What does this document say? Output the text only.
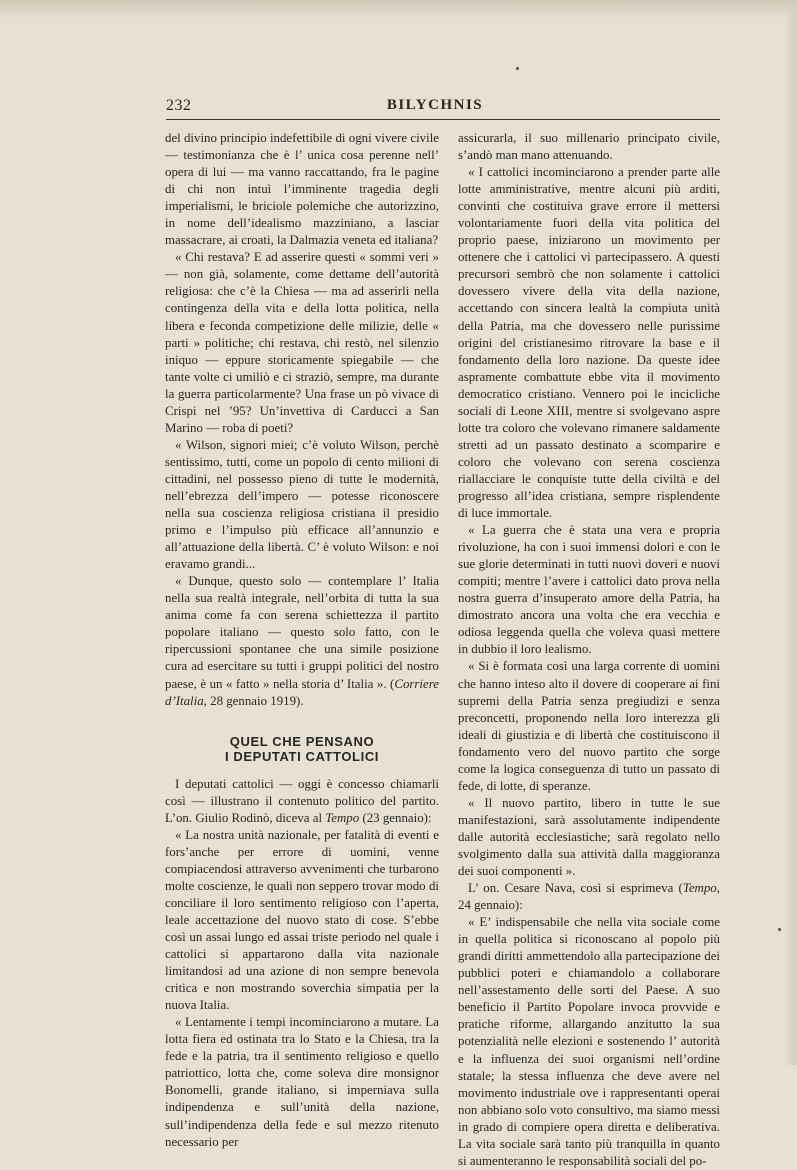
232	BILYCHNIS

del divino principio indefettibile di ogni vivere civile — testimonianza che è l’ unica cosa perenne nell’ opera di lui — ma vanno raccattando, fra le pagine di chi non intuì l’imminente tragedia degli imperialismi, le briciole polemiche che autorizzino, in nome dell’idealismo mazziniano, a lasciar massacrare, ai croati, la Dalmazia veneta ed italiana?

« Chi restava? E ad asserire questi « sommi veri » — non già, solamente, come dettame dell’autorità religiosa: che c’è la Chiesa — ma ad asserirli nella contingenza della vita e della lotta politica, nella libera e feconda competizione delle milizie, delle « parti » politiche; chi restava, chi restò, nel silenzio iniquo — eppure storicamente spiegabile — che tante volte ci umiliò e ci straziò, sempre, ma durante la guerra particolarmente? Una frase un pò vivace di Crispi nel ’95? Un’invettiva di Carducci a San Marino — roba di poeti?

« Wilson, signori miei; c’è voluto Wilson, perchè sentissimo, tutti, come un popolo di cento milioni di cittadini, nel possesso pieno di tutte le modernità, nell’ebrezza dell’impero — potesse riconoscere nella sua coscienza religiosa cristiana il presidio primo e l’impulso più efficace all’annunzio e all’attuazione della libertà. C’ è voluto Wilson: e noi eravamo grandi...

« Dunque, questo solo — contemplare l’ Italia nella sua realtà integrale, nell’orbita di tutta la sua anima come fa con serena schiettezza il partito popolare italiano — questo solo fatto, con le ripercussioni spontanee che una simile posizione cura ad esercitare su tutti i gruppi politici del nostro paese, è un « fatto » nella storia d’ Italia ». (Corriere d’Italia, 28 gennaio 1919).

QUEL CHE PENSANO
I DEPUTATI CATTOLICI

I deputati cattolici — oggi è concesso chiamarli così — illustrano il contenuto politico del partito. L’on. Giulio Rodinò, diceva al Tempo (23 gennaio):

« La nostra unità nazionale, per fatalità di eventi e fors’anche per errore di uomini, venne compiacendosi attraverso avvenimenti che turbarono molte coscienze, le quali non seppero trovar modo di conciliare il loro sentimento religioso con l’aperta, leale accettazione del nuovo stato di cose. S’ebbe così un assai lungo ed assai triste periodo nel quale i cattolici si appartarono dalla vita nazionale limitandosi ad una azione di non sempre benevola critica e non mostrando soverchia simpatia per la nuova Italia.

« Lentamente i tempi incominciarono a mutare. La lotta fiera ed ostinata tra lo Stato e la Chiesa, tra la fede e la patria, tra il sentimento religioso e quello patriottico, lotta che, come soleva dire monsignor Bonomelli, grande italiano, si imperniava sulla indipendenza e sull’unità della nazione, sull’indipendenza della fede e sul mezzo ritenuto necessario per

assicurarla, il suo millenario principato civile, s’andò man mano attenuando.

« I cattolici incominciarono a prender parte alle lotte amministrative, mentre alcuni più arditi, convinti che costituiva grave errore il mettersi volontariamente fuori della vita politica del proprio paese, iniziarono un movimento per ottenere che i cattolici vi partecipassero. A questi precursori sembrò che non solamente i cattolici dovessero vivere della vita della nazione, accettando con sincera lealtà la compiuta unità della Patria, ma che dovessero nelle purissime origini del cristianesimo ritrovare la base e il fondamento della loro nazione. Da queste idee aspramente combattute ebbe vita il movimento democratico cristiano. Vennero poi le incicliche sociali di Leone XIII, mentre si svolgevano aspre lotte tra coloro che volevano rimanere saldamente stretti ad un passato destinato a scomparire e coloro che volevano con serena coscienza riallacciare le conquiste tutte della civiltà e del progresso all’idea cristiana, sempre risplendente di luce immortale.

« La guerra che è stata una vera e propria rivoluzione, ha con i suoi immensi dolori e con le sue glorie determinati in tutti nuovi doveri e nuovi compiti; mentre l’avere i cattolici dato prova nella nostra guerra d’insuperato amore della Patria, ha dimostrato ancora una volta che era vecchia e odiosa leggenda quella che voleva quasi mettere in dubbio il loro lealismo.

« Si è formata così una larga corrente di uomini che hanno inteso alto il dovere di cooperare ai fini supremi della Patria senza pregiudizi e senza preconcetti, proponendo nella loro interezza gli ideali di giustizia e di libertà che costituiscono il fondamento vero del nuovo partito che sorge come la logica conseguenza di tutto un passato di fede, di lotte, di speranze.

« Il nuovo partito, libero in tutte le sue manifestazioni, sarà assolutamente indipendente dalle autorità ecclesiastiche; sarà regolato nello svolgimento dalla sua attività dalla maggioranza dei suoi componenti ».

L’ on. Cesare Nava, così si esprimeva (Tempo, 24 gennaio):

« E’ indispensabile che nella vita sociale come in quella politica si riconoscano al popolo più grandi diritti ammettendolo alla partecipazione dei pubblici poteri e chiamandolo a collaborare nell’assestamento delle sorti del Paese. A suo beneficio il Partito Popolare invoca provvide e pratiche riforme, allargando anzitutto la sua potenzialità nelle elezioni e sostenendo l’ autorità e la influenza dei suoi organismi nell’ordine statale; la stessa influenza che deve avere nel movimento industriale ove i rappresentanti operai non abbiano solo voto consultivo, ma siamo messi in grado di compiere opera diretta e deliberativa. La vita sociale sarà tanto più tranquilla in quanto si aumenteranno le responsabilità sociali del po-
